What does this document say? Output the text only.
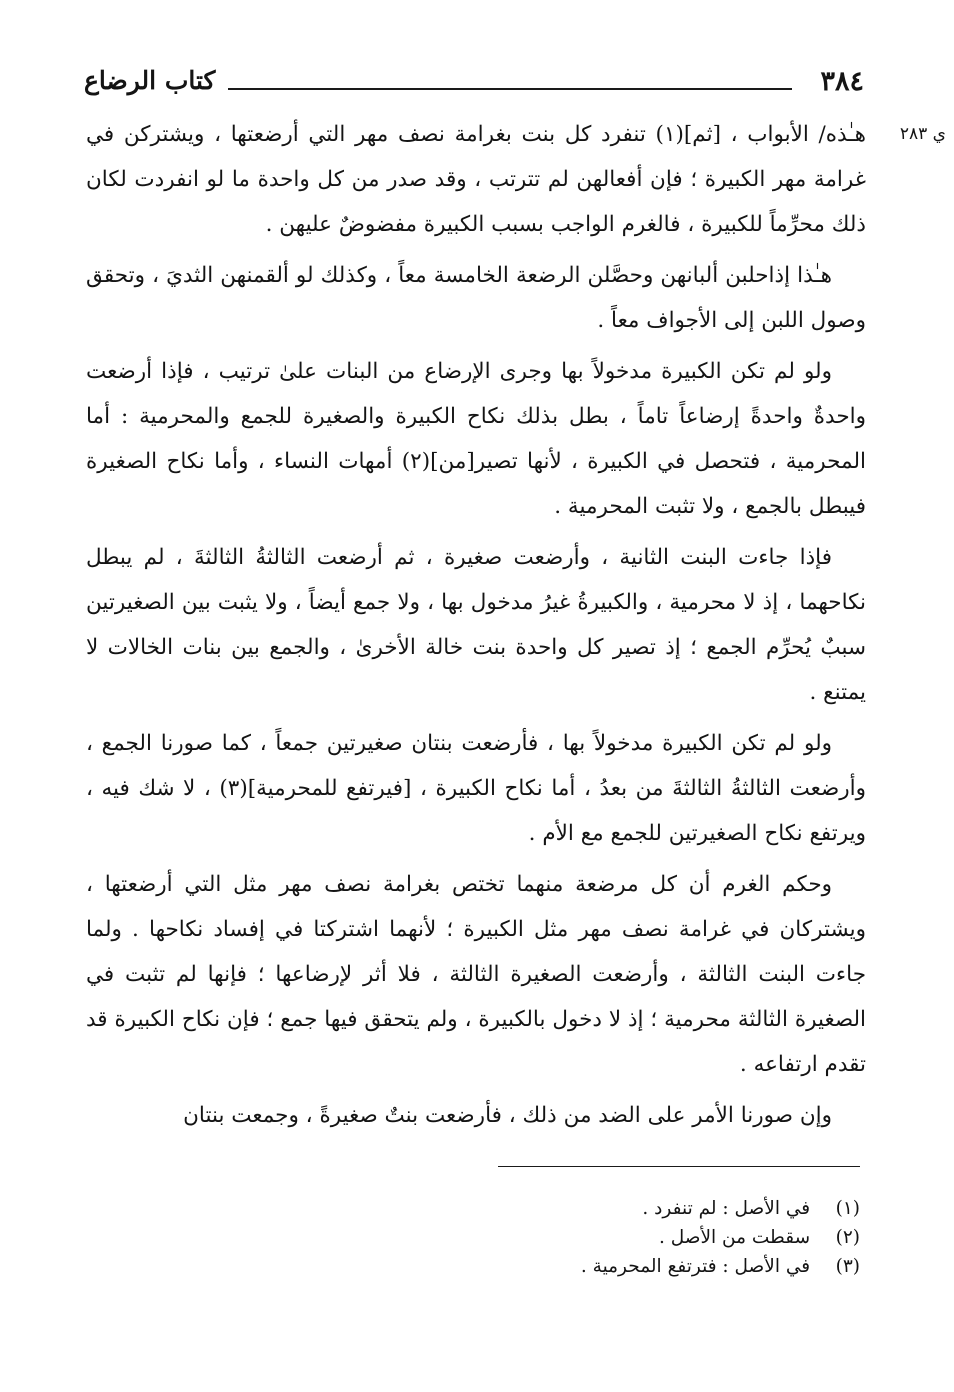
٣٨٤
كتاب الرضاع
ي ٢٨٣

هـٰذه/ الأبواب ، [ثم](١) تنفرد كل بنت بغرامة نصف مهر التي أرضعتها ، ويشتركن في غرامة مهر الكبيرة ؛ فإن أفعالهن لم تترتب ، وقد صدر من كل واحدة ما لو انفردت لكان ذلك محرِّماً للكبيرة ، فالغرم الواجب بسبب الكبيرة مفضوضٌ عليهن .

هـٰذا إذاحلبن ألبانهن وحصَّلن الرضعة الخامسة معاً ، وكذلك لو ألقمنهن الثديَ ، وتحقق وصول اللبن إلى الأجواف معاً .

ولو لم تكن الكبيرة مدخولاً بها وجرى الإرضاع من البنات علىٰ ترتيب ، فإذا أرضعت واحدةٌ واحدةً إرضاعاً تاماً ، بطل بذلك نكاح الكبيرة والصغيرة للجمع والمحرمية : أما المحرمية ، فتحصل في الكبيرة ، لأنها تصير[من](٢) أمهات النساء ، وأما نكاح الصغيرة فيبطل بالجمع ، ولا تثبت المحرمية .

فإذا جاءت البنت الثانية ، وأرضعت صغيرة ، ثم أرضعت الثالثةُ الثالثةَ ، لم يبطل نكاحهما ، إذ لا محرمية ، والكبيرةُ غيرُ مدخول بها ، ولا جمع أيضاً ، ولا يثبت بين الصغيرتين سببٌ يُحرِّم الجمع ؛ إذ تصير كل واحدة بنت خالة الأخرىٰ ، والجمع بين بنات الخالات لا يمتنع .

ولو لم تكن الكبيرة مدخولاً بها ، فأرضعت بنتان صغيرتين جمعاً ، كما صورنا الجمع ، وأرضعت الثالثةُ الثالثةَ من بعدُ ، أما نكاح الكبيرة ، [فيرتفع للمحرمية](٣) ، لا شك فيه ، ويرتفع نكاح الصغيرتين للجمع مع الأم .

وحكم الغرم أن كل مرضعة منهما تختص بغرامة نصف مهر مثل التي أرضعتها ، ويشتركان في غرامة نصف مهر مثل الكبيرة ؛ لأنهما اشتركتا في إفساد نكاحها . ولما جاءت البنت الثالثة ، وأرضعت الصغيرة الثالثة ، فلا أثر لإرضاعها ؛ فإنها لم تثبت في الصغيرة الثالثة محرمية ؛ إذ لا دخول بالكبيرة ، ولم يتحقق فيها جمع ؛ فإن نكاح الكبيرة قد تقدم ارتفاعه .

وإن صورنا الأمر على الضد من ذلك ، فأرضعت بنتٌ صغيرةً ، وجمعت بنتان

(١) في الأصل : لم تنفرد .
(٢) سقطت من الأصل .
(٣) في الأصل : فترتفع المحرمية .
